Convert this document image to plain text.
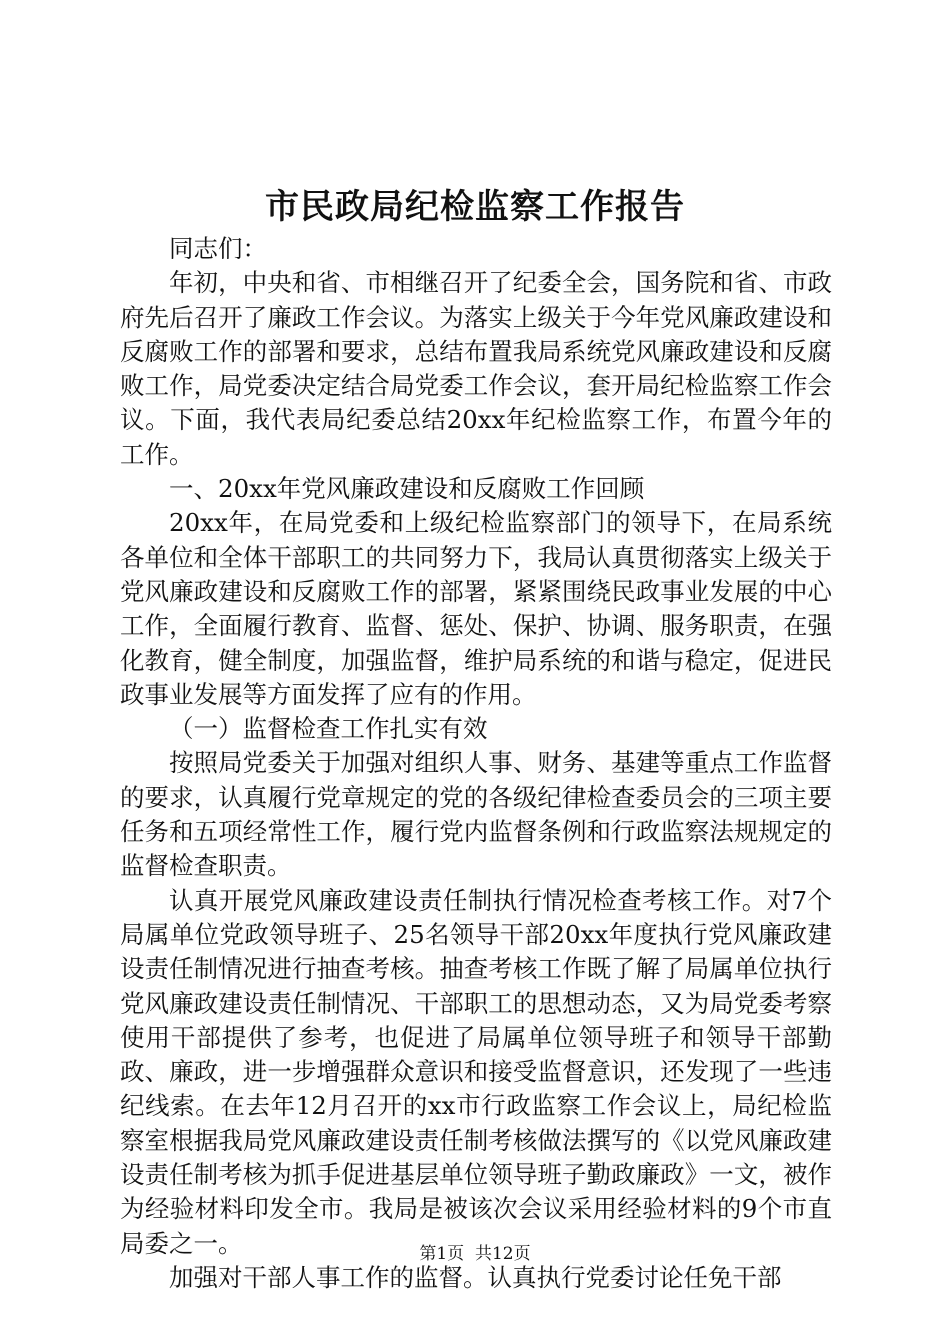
市民政局纪检监察工作报告

同志们：

年初，中央和省、市相继召开了纪委全会，国务院和省、市政府先后召开了廉政工作会议。为落实上级关于今年党风廉政建设和反腐败工作的部署和要求，总结布置我局系统党风廉政建设和反腐败工作，局党委决定结合局党委工作会议，套开局纪检监察工作会议。下面，我代表局纪委总结20xx年纪检监察工作，布置今年的工作。

一、20xx年党风廉政建设和反腐败工作回顾

20xx年，在局党委和上级纪检监察部门的领导下，在局系统各单位和全体干部职工的共同努力下，我局认真贯彻落实上级关于党风廉政建设和反腐败工作的部署，紧紧围绕民政事业发展的中心工作，全面履行教育、监督、惩处、保护、协调、服务职责，在强化教育，健全制度，加强监督，维护局系统的和谐与稳定，促进民政事业发展等方面发挥了应有的作用。

（一）监督检查工作扎实有效

按照局党委关于加强对组织人事、财务、基建等重点工作监督的要求，认真履行党章规定的党的各级纪律检查委员会的三项主要任务和五项经常性工作，履行党内监督条例和行政监察法规规定的监督检查职责。

认真开展党风廉政建设责任制执行情况检查考核工作。对7个局属单位党政领导班子、25名领导干部20xx年度执行党风廉政建设责任制情况进行抽查考核。抽查考核工作既了解了局属单位执行党风廉政建设责任制情况、干部职工的思想动态，又为局党委考察使用干部提供了参考，也促进了局属单位领导班子和领导干部勤政、廉政，进一步增强群众意识和接受监督意识，还发现了一些违纪线索。在去年12月召开的xx市行政监察工作会议上，局纪检监察室根据我局党风廉政建设责任制考核做法撰写的《以党风廉政建设责任制考核为抓手促进基层单位领导班子勤政廉政》一文，被作为经验材料印发全市。我局是被该次会议采用经验材料的9个市直局委之一。

加强对干部人事工作的监督。认真执行党委讨论任免干部

第1页  共12页
